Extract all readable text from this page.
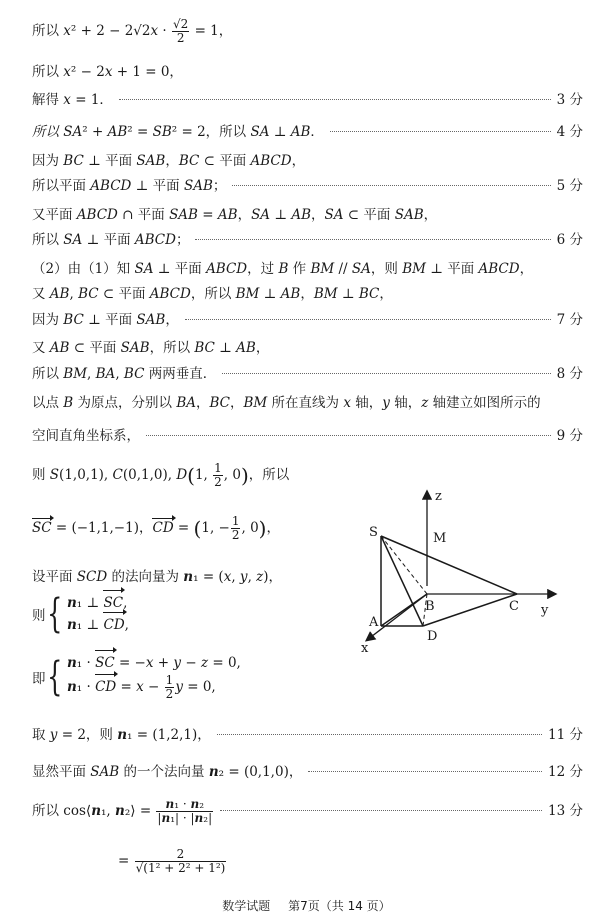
所以 $x^2 + 2 - 2√2x \cdot \frac{√2}{2} = 1$，
所以 x² − 2x + 1 = 0，
解得 x = 1．	3 分
所以 SA² + AB² = SB² = 2，所以 SA ⊥ AB．	4 分
因为 BC ⊥ 平面 SAB，BC ⊂ 平面 ABCD，
所以平面 ABCD ⊥ 平面 SAB；	5 分
又平面 ABCD ∩ 平面 SAB = AB，SA ⊥ AB，SA ⊂ 平面 SAB，
所以 SA ⊥ 平面 ABCD；	6 分
（2）由（1）知 SA ⊥ 平面 ABCD，过 B 作 BM // SA，则 BM ⊥ 平面 ABCD，
又 AB, BC ⊂ 平面 ABCD，所以 BM ⊥ AB，BM ⊥ BC，
因为 BC ⊥ 平面 SAB，	7 分
又 AB ⊂ 平面 SAB，所以 BC ⊥ AB，
所以 BM, BA, BC 两两垂直．	8 分
以点 B 为原点，分别以 BA，BC，BM 所在直线为 x 轴，y 轴，z 轴建立如图所示的
空间直角坐标系，	9 分
则 S(1,0,1), C(0,1,0), D(1, $\frac{1}{2}$ , 0)，所以
SC = (−1,1,−1)，CD = (1, − $\frac{1}{2}$ , 0)，
设平面 SCD 的法向量为 n₁ = (x, y, z)，
则 { n₁ ⊥ SC,
n₁ ⊥ CD,
即 { n₁ · SC = −x + y − z = 0,
n₁ · CD = $x - \frac{1}{2}$ y = 0,
取 y = 2，则 n₁ = (1,2,1)，	11 分
显然平面 SAB 的一个法向量 n₂ = (0,1,0)，	12 分
所以 cos⟨n₁, n₂⟩ = $\frac{\text{n₁ · n₂}}{\text{|n₁| · |n₂|}}$	13 分
= $\frac{2}{\text{√(1² + 2² + 1²)}}$
z
S	M
B	C y
A
D
x
数学试题 第7页（共 14 页）
